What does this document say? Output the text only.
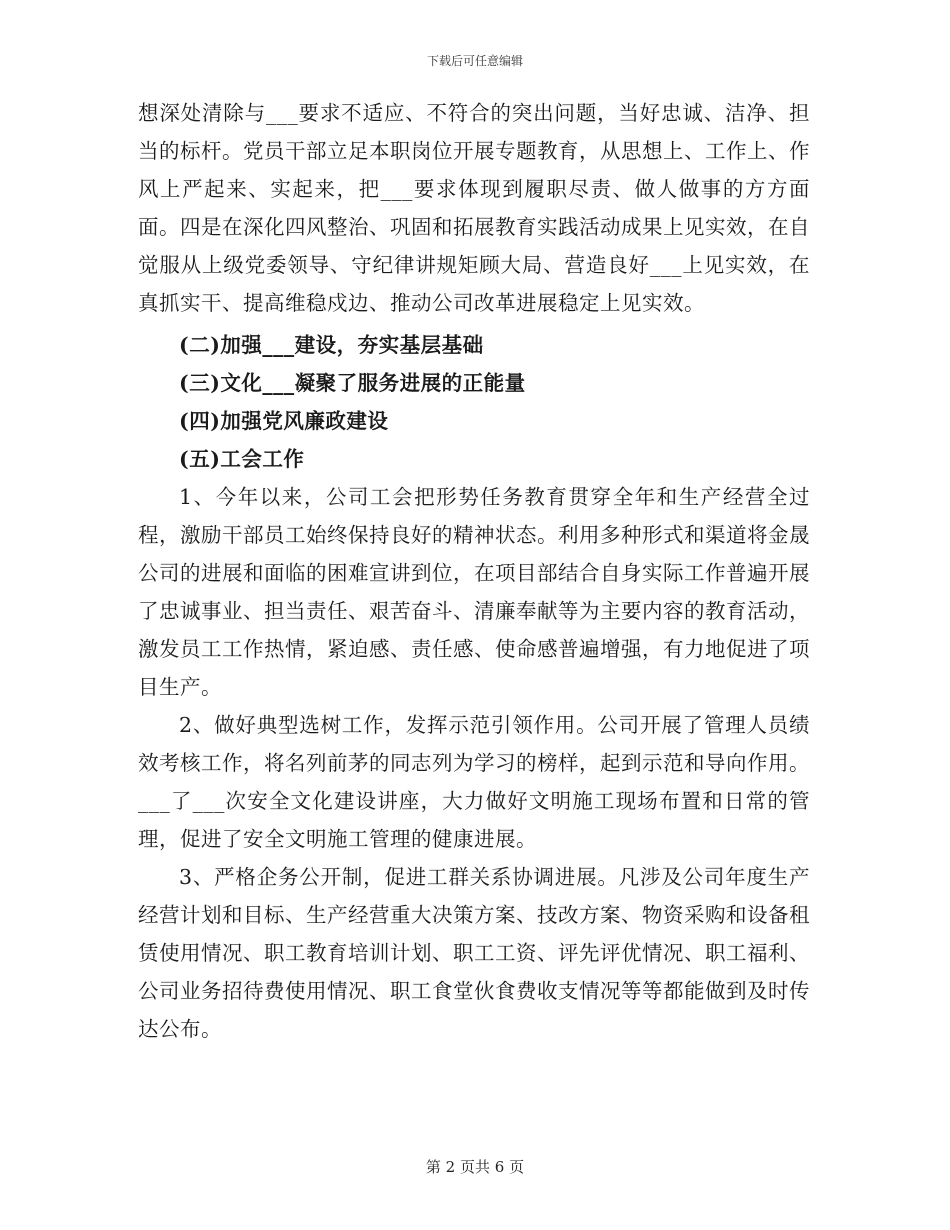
下载后可任意编辑

想深处清除与___要求不适应、不符合的突出问题，当好忠诚、洁净、担当的标杆。党员干部立足本职岗位开展专题教育，从思想上、工作上、作风上严起来、实起来，把___要求体现到履职尽责、做人做事的方方面面。四是在深化四风整治、巩固和拓展教育实践活动成果上见实效，在自觉服从上级党委领导、守纪律讲规矩顾大局、营造良好___上见实效，在真抓实干、提高维稳戍边、推动公司改革进展稳定上见实效。

(二)加强___建设，夯实基层基础
(三)文化___凝聚了服务进展的正能量
(四)加强党风廉政建设
(五)工会工作

1、今年以来，公司工会把形势任务教育贯穿全年和生产经营全过程，激励干部员工始终保持良好的精神状态。利用多种形式和渠道将金晟公司的进展和面临的困难宣讲到位，在项目部结合自身实际工作普遍开展了忠诚事业、担当责任、艰苦奋斗、清廉奉献等为主要内容的教育活动，激发员工工作热情，紧迫感、责任感、使命感普遍增强，有力地促进了项目生产。

2、做好典型选树工作，发挥示范引领作用。公司开展了管理人员绩效考核工作，将名列前茅的同志列为学习的榜样，起到示范和导向作用。___了___次安全文化建设讲座，大力做好文明施工现场布置和日常的管理，促进了安全文明施工管理的健康进展。

3、严格企务公开制，促进工群关系协调进展。凡涉及公司年度生产经营计划和目标、生产经营重大决策方案、技改方案、物资采购和设备租赁使用情况、职工教育培训计划、职工工资、评先评优情况、职工福利、公司业务招待费使用情况、职工食堂伙食费收支情况等等都能做到及时传达公布。

第 2 页共 6 页
